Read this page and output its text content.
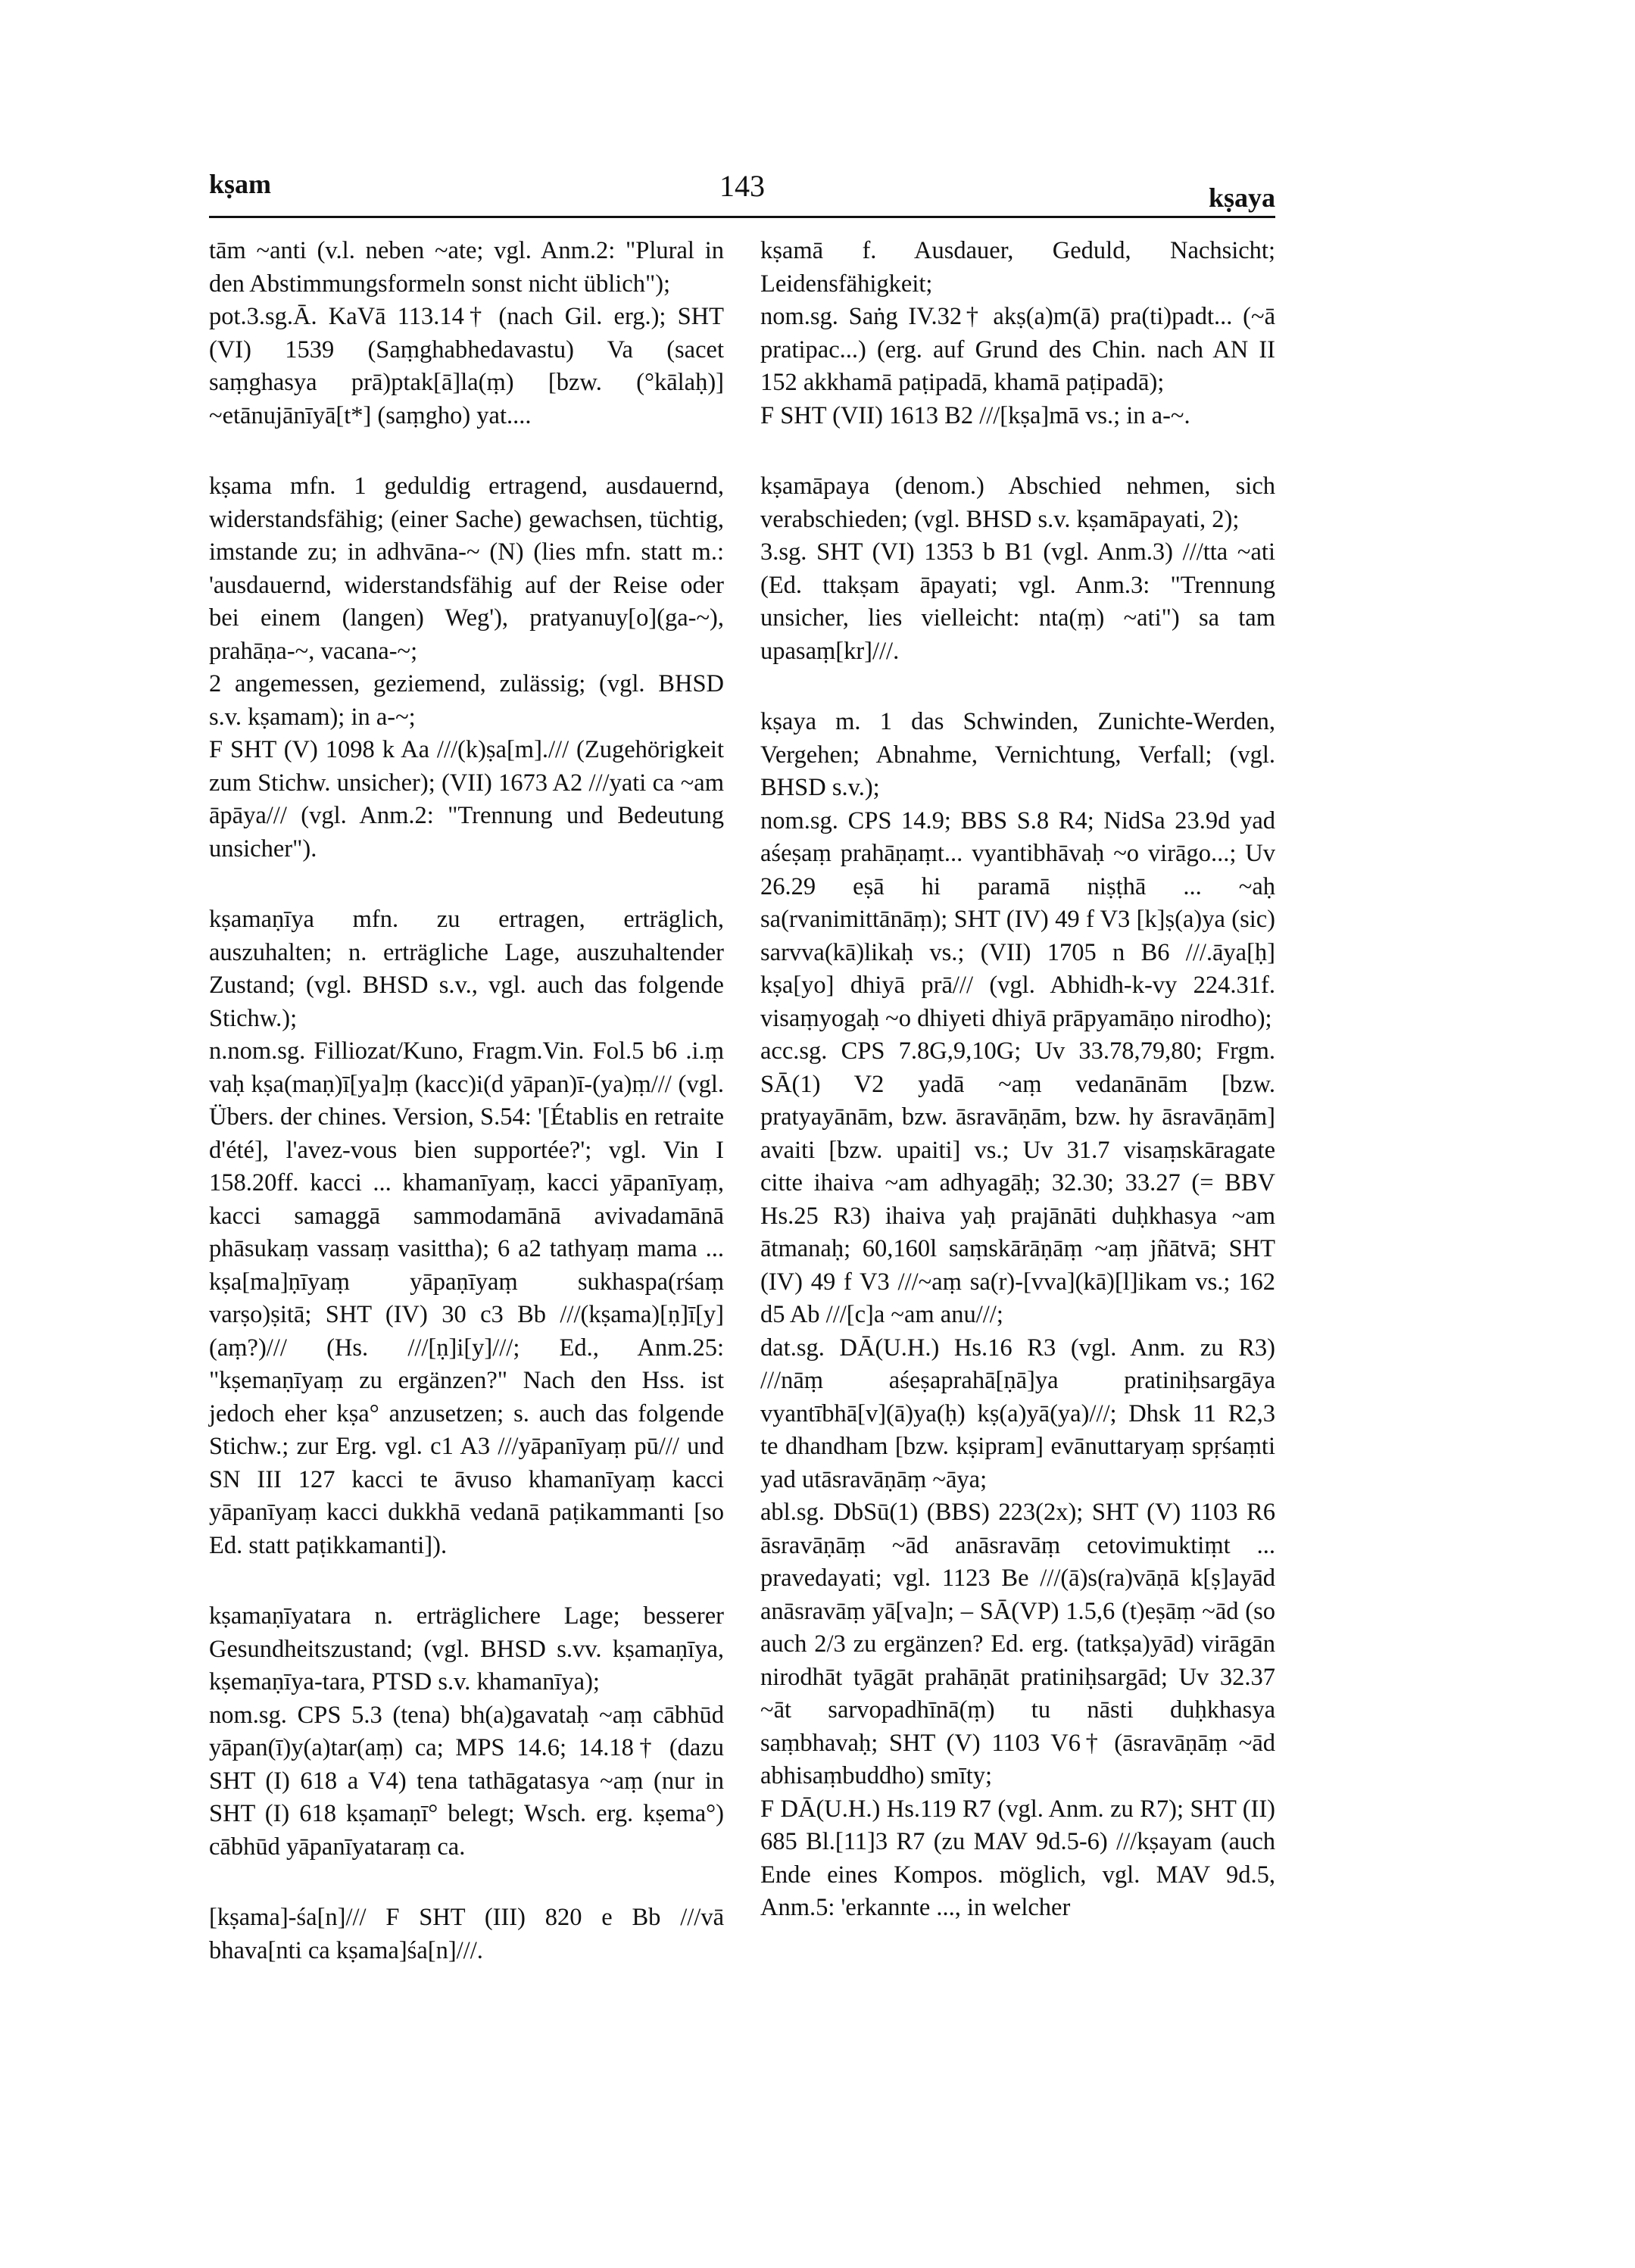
kṣam	143	kṣaya

tām ~anti (v.l. neben ~ate; vgl. Anm.2: "Plural in den Abstimmungsformeln sonst nicht üblich");

pot.3.sg.Ā. KaVā 113.14† (nach Gil. erg.); SHT (VI) 1539 (Saṃghabhedavastu) Va (sacet saṃghasya prā)ptak[ā]la(ṃ) [bzw. (°kālaḥ)] ~etānujānīyā[t*] (saṃgho) yat....

kṣama mfn. 1 geduldig ertragend, ausdauernd, widerstandsfähig; (einer Sache) gewachsen, tüchtig, imstande zu; in adhvāna-~ (N) (lies mfn. statt m.: 'ausdauernd, widerstandsfähig auf der Reise oder bei einem (langen) Weg'), pratyanuy[o](ga-~), prahāṇa-~, vacana-~;

2 angemessen, geziemend, zulässig; (vgl. BHSD s.v. kṣamam); in a-~;

F SHT (V) 1098 k Aa ///(k)ṣa[m]./// (Zugehörigkeit zum Stichw. unsicher); (VII) 1673 A2 ///yati ca ~am āpāya/// (vgl. Anm.2: "Trennung und Bedeutung unsicher").

kṣamaṇīya mfn. zu ertragen, erträglich, auszuhalten; n. erträgliche Lage, auszuhaltender Zustand; (vgl. BHSD s.v., vgl. auch das folgende Stichw.);

n.nom.sg. Filliozat/Kuno, Fragm.Vin. Fol.5 b6 .i.ṃ vaḥ kṣa(maṇ)ī[ya]ṃ (kacc)i(d yāpan)ī-(ya)ṃ/// (vgl. Übers. der chines. Version, S.54: '[Établis en retraite d'été], l'avez-vous bien supportée?'; vgl. Vin I 158.20ff. kacci ... khamanīyaṃ, kacci yāpanīyaṃ, kacci samaggā sammodamānā avivadamānā phāsukaṃ vassaṃ vasittha); 6 a2 tathyaṃ mama ... kṣa[ma]ṇīyaṃ yāpaṇīyaṃ sukhaspa(rśaṃ varṣo)ṣitā; SHT (IV) 30 c3 Bb ///(kṣama)[ṇ]ī[y](aṃ?)/// (Hs. ///[ṇ]i[y]///; Ed., Anm.25: "kṣemaṇīyaṃ zu ergänzen?" Nach den Hss. ist jedoch eher kṣa° anzusetzen; s. auch das folgende Stichw.; zur Erg. vgl. c1 A3 ///yāpanīyaṃ pū/// und SN III 127 kacci te āvuso khamanīyaṃ kacci yāpanīyaṃ kacci dukkhā vedanā paṭikammanti [so Ed. statt paṭikkamanti]).

kṣamaṇīyatara n. erträglichere Lage; besserer Gesundheitszustand; (vgl. BHSD s.vv. kṣamaṇīya, kṣemaṇīya-tara, PTSD s.v. khamanīya);

nom.sg. CPS 5.3 (tena) bh(a)gavataḥ ~aṃ cābhūd yāpan(ī)y(a)tar(aṃ) ca; MPS 14.6; 14.18† (dazu SHT (I) 618 a V4) tena tathāgatasya ~aṃ (nur in SHT (I) 618 kṣamaṇī° belegt; Wsch. erg. kṣema°) cābhūd yāpanīyataraṃ ca.

[kṣama]-śa[n]/// F SHT (III) 820 e Bb ///vā bhava[nti ca kṣama]śa[n]///.

kṣamā f. Ausdauer, Geduld, Nachsicht; Leidensfähigkeit;

nom.sg. Saṅg IV.32† akṣ(a)m(ā) pra(ti)padt... (~ā pratipac...) (erg. auf Grund des Chin. nach AN II 152 akkhamā paṭipadā, khamā paṭipadā);

F SHT (VII) 1613 B2 ///[kṣa]mā vs.; in a-~.

kṣamāpaya (denom.) Abschied nehmen, sich verabschieden; (vgl. BHSD s.v. kṣamāpayati, 2);

3.sg. SHT (VI) 1353 b B1 (vgl. Anm.3) ///tta ~ati (Ed. ttakṣam āpayati; vgl. Anm.3: "Trennung unsicher, lies vielleicht: nta(ṃ) ~ati") sa tam upasaṃ[kr]///.

kṣaya m. 1 das Schwinden, Zunichte-Werden, Vergehen; Abnahme, Vernichtung, Verfall; (vgl. BHSD s.v.);

nom.sg. CPS 14.9; BBS S.8 R4; NidSa 23.9d yad aśeṣaṃ prahāṇaṃt... vyantibhāvaḥ ~o virāgo...; Uv 26.29 eṣā hi paramā niṣṭhā ... ~aḥ sa(rvanimittānāṃ); SHT (IV) 49 f V3 [k]ṣ(a)ya (sic) sarvva(kā)likaḥ vs.; (VII) 1705 n B6 ///.āya[ḥ] kṣa[yo] dhiyā prā/// (vgl. Abhidh-k-vy 224.31f. visaṃyogaḥ ~o dhiyeti dhiyā prāpyamāṇo nirodho);

acc.sg. CPS 7.8G,9,10G; Uv 33.78,79,80; Frgm. SĀ(1) V2 yadā ~aṃ vedanānām [bzw. pratyayānām, bzw. āsravāṇām, bzw. hy āsravāṇām] avaiti [bzw. upaiti] vs.; Uv 31.7 visaṃskāragate citte ihaiva ~am adhyagāḥ; 32.30; 33.27 (= BBV Hs.25 R3) ihaiva yaḥ prajānāti duḥkhasya ~am ātmanaḥ; 60,160l saṃskārāṇāṃ ~aṃ jñātvā; SHT (IV) 49 f V3 ///~aṃ sa(r)-[vva](kā)[l]ikam vs.; 162 d5 Ab ///[c]a ~am anu///;

dat.sg. DĀ(U.H.) Hs.16 R3 (vgl. Anm. zu R3) ///nāṃ aśeṣaprahā[ṇā]ya pratiniḥsargāya vyantībhā[v](ā)ya(ḥ) kṣ(a)yā(ya)///; Dhsk 11 R2,3 te dhandham [bzw. kṣipram] evānuttaryaṃ spṛśaṃti yad utāsravāṇāṃ ~āya;

abl.sg. DbSū(1) (BBS) 223(2x); SHT (V) 1103 R6 āsravāṇāṃ ~ād anāsravāṃ cetovimuktiṃt ... pravedayati; vgl. 1123 Be ///(ā)s(ra)vāṇā k[ṣ]ayād anāsravāṃ yā[va]n; – SĀ(VP) 1.5,6 (t)eṣāṃ ~ād (so auch 2/3 zu ergänzen? Ed. erg. (tatkṣa)yād) virāgān nirodhāt tyāgāt prahāṇāt pratiniḥsargād; Uv 32.37 ~āt sarvopadhīnā(ṃ) tu nāsti duḥkhasya saṃbhavaḥ; SHT (V) 1103 V6† (āsravāṇāṃ ~ād abhisaṃbuddho) smīty;

F DĀ(U.H.) Hs.119 R7 (vgl. Anm. zu R7); SHT (II) 685 Bl.[11]3 R7 (zu MAV 9d.5-6) ///kṣayam (auch Ende eines Kompos. möglich, vgl. MAV 9d.5, Anm.5: 'erkannte ..., in welcher
